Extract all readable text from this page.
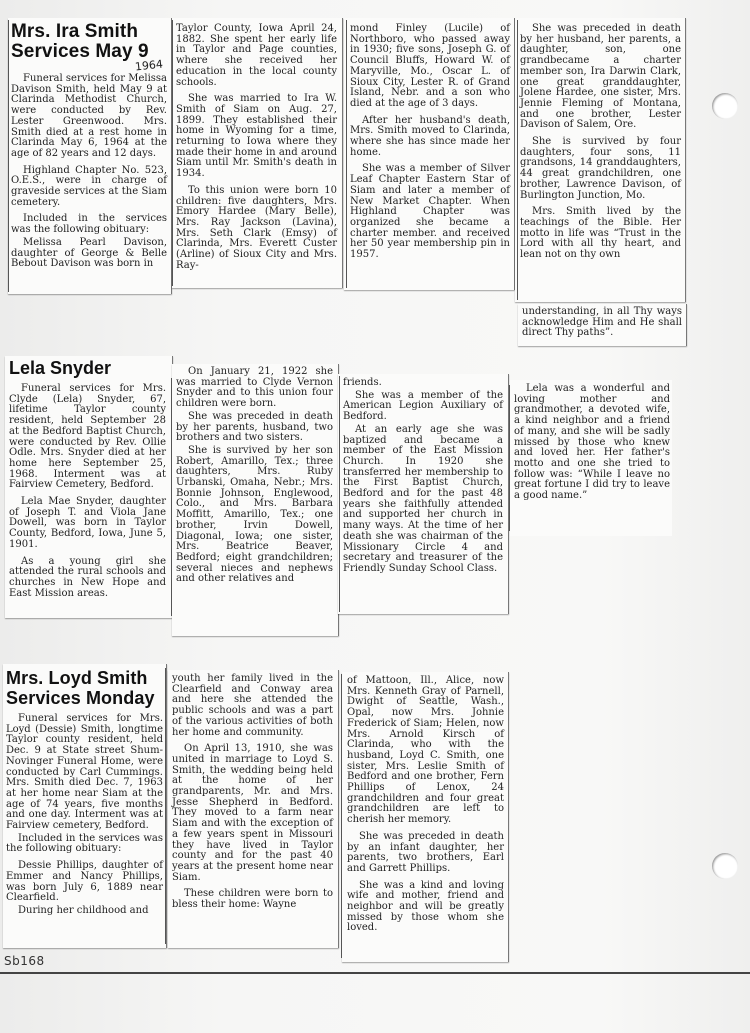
Mrs. Ira Smith
Services May 9
1964

Funeral services for Melissa Davison Smith, held May 9 at Clarinda Methodist Church, were conducted by Rev. Lester Greenwood. Mrs. Smith died at a rest home in Clarinda May 6, 1964 at the age of 82 years and 12 days.

Highland Chapter No. 523, O.E.S., were in charge of graveside services at the Siam cemetery.

Included in the services was the following obituary:

Melissa Pearl Davison, daughter of George & Belle Bebout Davison was born in

Taylor County, Iowa April 24, 1882. She spent her early life in Taylor and Page counties, where she received her education in the local county schools.

She was married to Ira W. Smith of Siam on Aug. 27, 1899. They established their home in Wyoming for a time, returning to Iowa where they made their home in and around Siam until Mr. Smith's death in 1934.

To this union were born 10 children: five daughters, Mrs. Emory Hardee (Mary Belle), Mrs. Ray Jackson (Lavina), Mrs. Seth Clark (Emsy) of Clarinda, Mrs. Everett Custer (Arline) of Sioux City and Mrs. Ray-

mond Finley (Lucile) of Northboro, who passed away in 1930; five sons, Joseph G. of Council Bluffs, Howard W. of Maryville, Mo., Oscar L. of Sioux City, Lester R. of Grand Island, Nebr. and a son who died at the age of 3 days.

After her husband's death, Mrs. Smith moved to Clarinda, where she has since made her home.

She was a member of Silver Leaf Chapter Eastern Star of Siam and later a member of New Market Chapter. When Highland Chapter was organized she became a charter member. and received her 50 year membership pin in 1957.

She was preceded in death by her husband, her parents, a daughter, son, one grandbecame a charter member son, Ira Darwin Clark, one great granddaughter, Jolene Hardee, one sister, Mrs. Jennie Fleming of Montana, and one brother, Lester Davison of Salem, Ore.

She is survived by four daughters, four sons, 11 grandsons, 14 granddaughters, 44 great grandchildren, one brother, Lawrence Davison, of Burlington Junction, Mo.

Mrs. Smith lived by the teachings of the Bible. Her motto in life was “Trust in the Lord with all thy heart, and lean not on thy own

understanding, in all Thy ways acknowledge Him and He shall direct Thy paths”.

Lela Snyder

Funeral services for Mrs. Clyde (Lela) Snyder, 67, lifetime Taylor county resident, held September 28 at the Bedford Baptist Church, were conducted by Rev. Ollie Odle. Mrs. Snyder died at her home here September 25, 1968. Interment was at Fairview Cemetery, Bedford.

Lela Mae Snyder, daughter of Joseph T. and Viola Jane Dowell, was born in Taylor County, Bedford, Iowa, June 5, 1901.

As a young girl she attended the rural schools and churches in New Hope and East Mission areas.

On January 21, 1922 she was married to Clyde Vernon Snyder and to this union four children were born.

She was preceded in death by her parents, husband, two brothers and two sisters.

She is survived by her son Robert, Amarillo, Tex.; three daughters, Mrs. Ruby Urbanski, Omaha, Nebr.; Mrs. Bonnie Johnson, Englewood, Colo., and Mrs. Barbara Moffitt, Amarillo, Tex.; one brother, Irvin Dowell, Diagonal, Iowa; one sister, Mrs. Beatrice Beaver, Bedford; eight grandchildren; several nieces and nephews and other relatives and

friends.

She was a member of the American Legion Auxiliary of Bedford.

At an early age she was baptized and became a member of the East Mission Church. In 1920 she transferred her membership to the First Baptist Church, Bedford and for the past 48 years she faithfully attended and supported her church in many ways. At the time of her death she was chairman of the Missionary Circle 4 and secretary and treasurer of the Friendly Sunday School Class.

Lela was a wonderful and loving mother and grandmother, a devoted wife, a kind neighbor and a friend of many, and she will be sadly missed by those who knew and loved her. Her father's motto and one she tried to follow was: “While I leave no great fortune I did try to leave a good name.”

Mrs. Loyd Smith
Services Monday

Funeral services for Mrs. Loyd (Dessie) Smith, longtime Taylor county resident, held Dec. 9 at State street Shum-Novinger Funeral Home, were conducted by Carl Cummings. Mrs. Smith died Dec. 7, 1963 at her home near Siam at the age of 74 years, five months and one day. Interment was at Fairview cemetery, Bedford.

Included in the services was the following obituary:

Dessie Phillips, daughter of Emmer and Nancy Phillips, was born July 6, 1889 near Clearfield.

During her childhood and

youth her family lived in the Clearfield and Conway area and here she attended the public schools and was a part of the various activities of both her home and community.

On April 13, 1910, she was united in marriage to Loyd S. Smith, the wedding being held at the home of her grandparents, Mr. and Mrs. Jesse Shepherd in Bedford. They moved to a farm near Siam and with the exception of a few years spent in Missouri they have lived in Taylor county and for the past 40 years at the present home near Siam.

These children were born to bless their home: Wayne

of Mattoon, Ill., Alice, now Mrs. Kenneth Gray of Parnell, Dwight of Seattle, Wash., Opal, now Mrs. Johnie Frederick of Siam; Helen, now Mrs. Arnold Kirsch of Clarinda, who with the husband, Loyd C. Smith, one sister, Mrs. Leslie Smith of Bedford and one brother, Fern Phillips of Lenox, 24 grandchildren and four great grandchildren are left to cherish her memory.

She was preceded in death by an infant daughter, her parents, two brothers, Earl and Garrett Phillips.

She was a kind and loving wife and mother, friend and neighbor and will be greatly missed by those whom she loved.

Sb168
